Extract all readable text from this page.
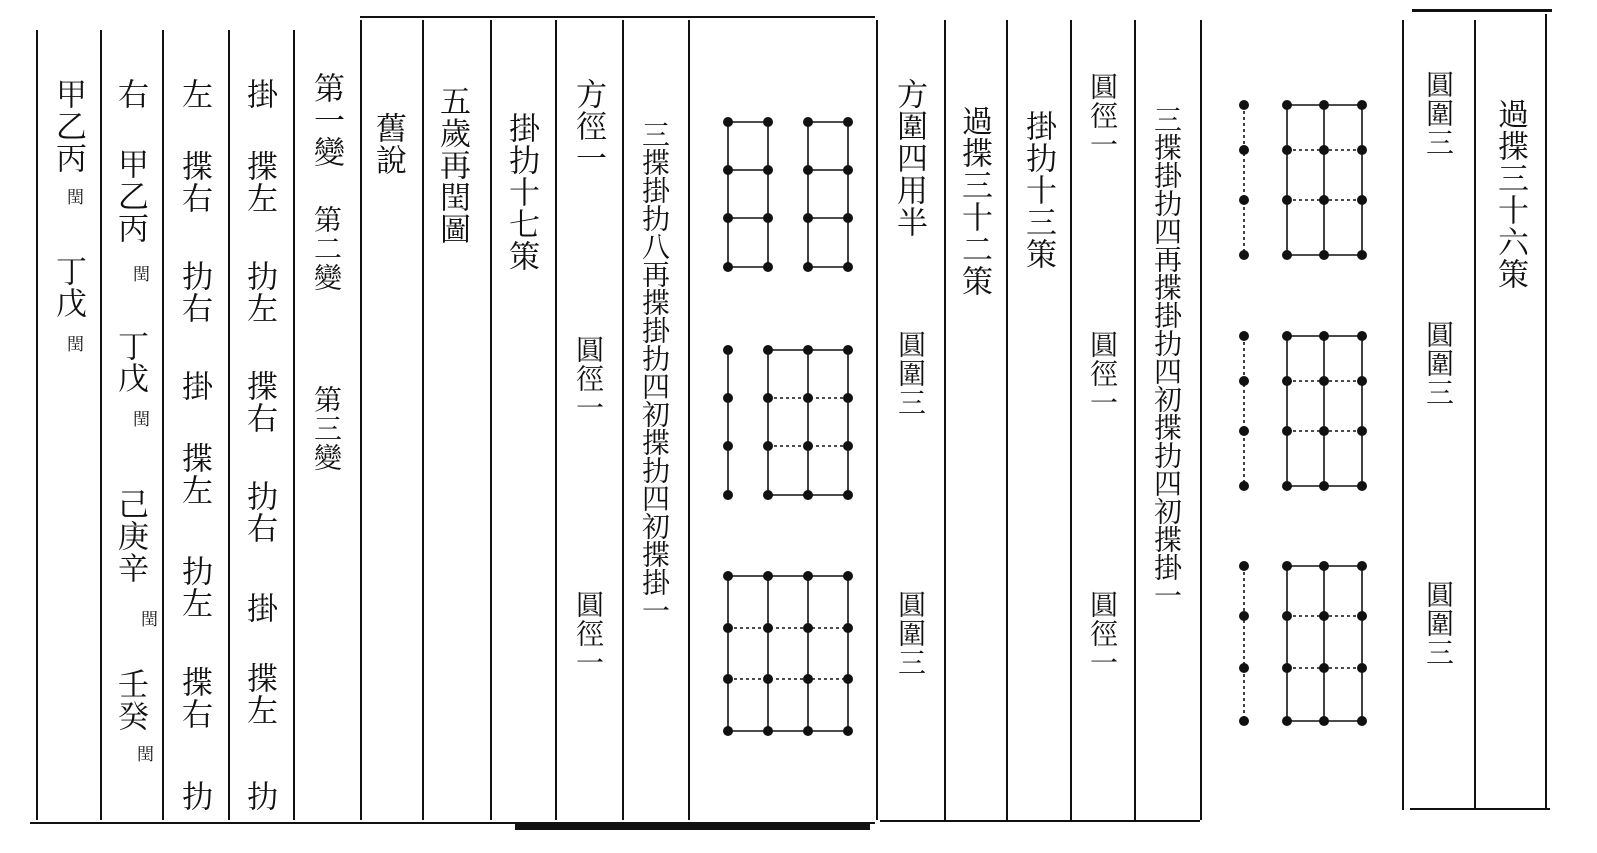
甲乙丙
閏
丁戊
閏
右
甲乙丙
閏
丁戊
閏
己庚辛
閏
壬癸
閏
左
揲右
扐右
掛
揲左
扐左
揲右
扐
掛
揲左
扐左
揲右
扐右
掛
揲左
扐
第一變
第二變
第三變
舊說 五歲再閏圖 掛扐十七策 方徑一
圓徑一
圓徑一
三揲掛扐八再揲掛扐四初揲扐四初揲掛一	方圍四用半
圓圍三
圓圍三
過揲三十二策 掛扐十三策 圓徑一
圓徑一
圓徑一
三揲掛扐四再揲掛扐四初揲扐四初揲掛一	圓圍三
圓圍三
圓圍三
過揲三十六策
